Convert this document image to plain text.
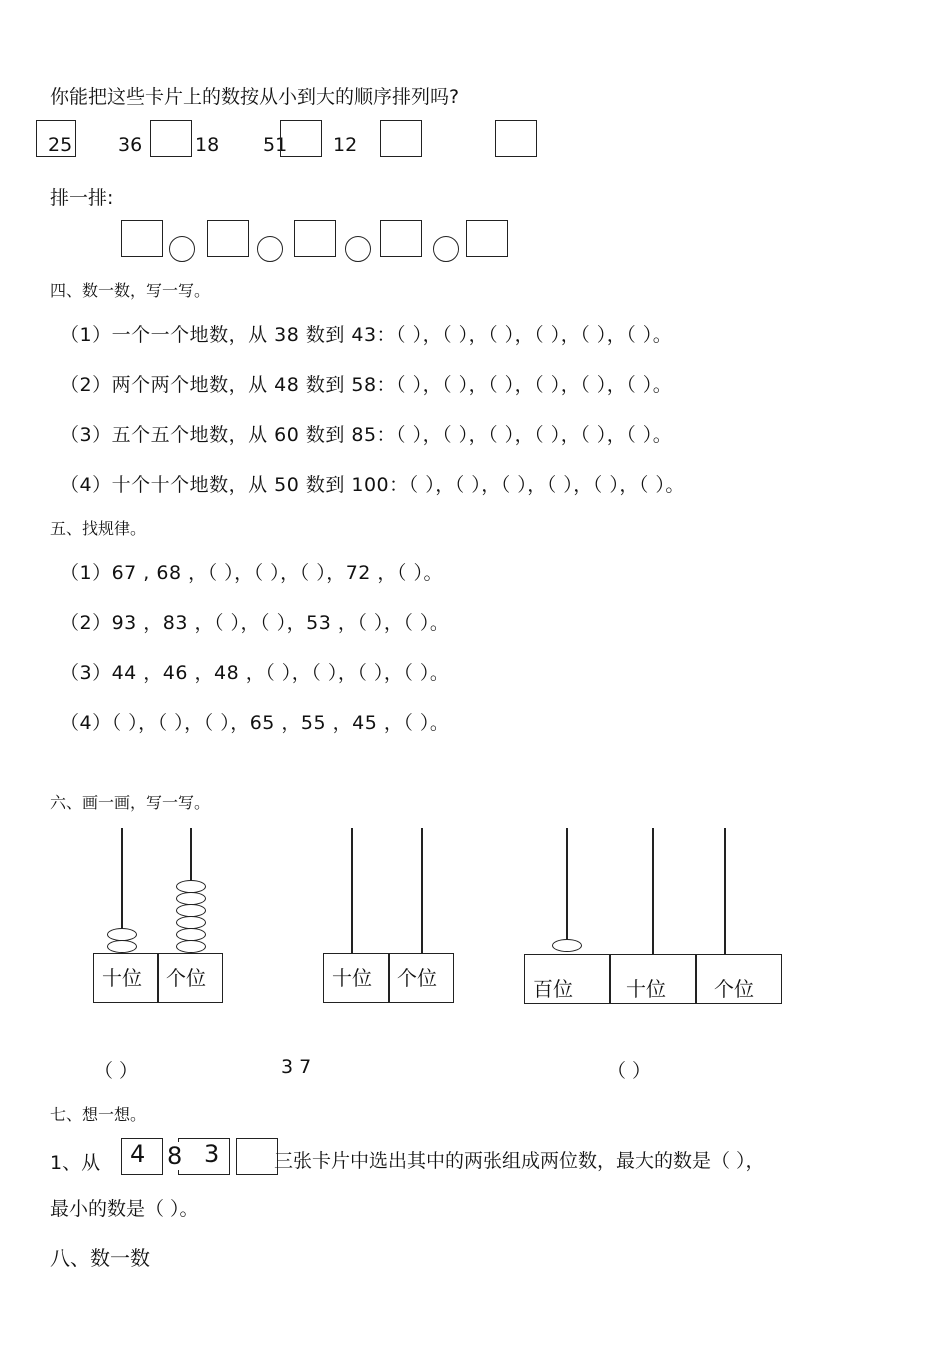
你能把这些卡片上的数按从小到大的顺序排列吗?
25 36	18 51 12
排一排:
四、数一数，写一写。
（1）一个一个地数，从 38 数到 43：（ ），（ ），（ ），（ ），（ ），（ ）。
（2）两个两个地数，从 48 数到 58：（ ），（ ），（ ），（ ），（ ），（ ）。
（3）五个五个地数，从 60 数到 85：（ ），（ ），（ ），（ ），（ ），（ ）。
（4）十个十个地数，从 50 数到 100：（ ），（ ），（ ），（ ），（ ），（ ）。
五、找规律。
（1）67 , 68 ，（ ），（ ），（ ），72 ，（ ）。
（2）93 ，83 ，（ ），（ ），53 ，（ ），（ ）。
（3）44 ，46 ，48 ，（ ），（ ），（ ），（ ）。
（4）（ ），（ ），（ ），65 ，55 ，45 ，（ ）。
六、画一画，写一写。
十位	个位	十位	个位	百位	十位	个位
（ ）	3 7	（ ）
七、想一想。
1、从 4 8 3	三张卡片中选出其中的两张组成两位数，最大的数是（ ），
最小的数是（ ）。
八、数一数
